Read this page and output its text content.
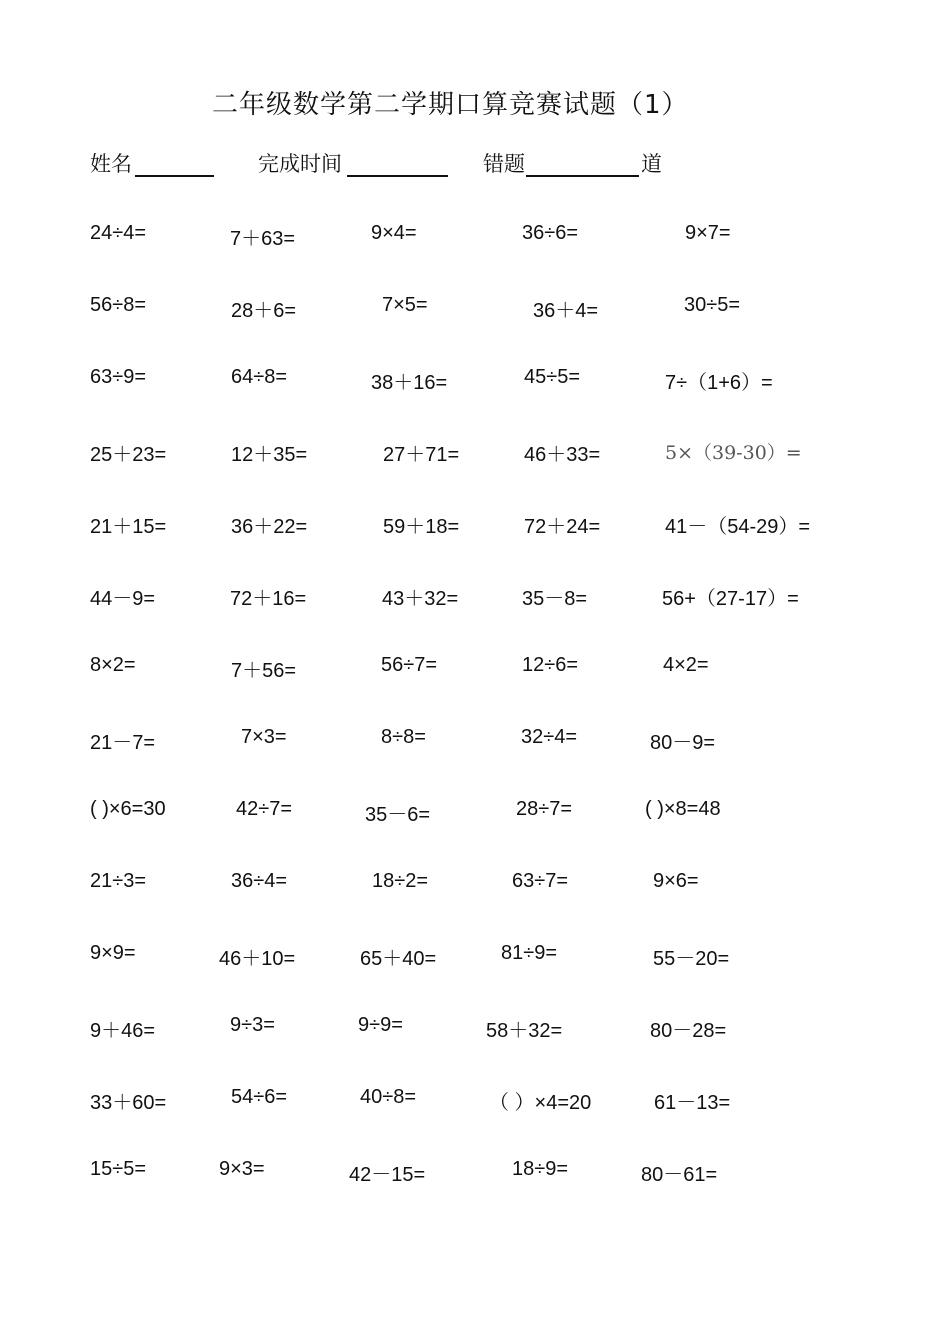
二年级数学第二学期口算竞赛试题（1）
姓名	完成时间	错题	道
24÷4=	7＋63=	9×4=	36÷6=	9×7=
56÷8=	28＋6=	7×5=	36＋4=	30÷5=
63÷9=	64÷8=	38＋16=	45÷5=	7÷（1+6）=
25＋23=	12＋35=	27＋71=	46＋33=	5×（39-30）=
21＋15=	36＋22=	59＋18=	72＋24=	41－（54-29）=
44－9=	72＋16=	43＋32=	35－8=	56+（27-17）=
8×2=	7＋56=	56÷7=	12÷6=	4×2=
21－7=	7×3=	8÷8=	32÷4=	80－9=
( )×6=30	42÷7=	35－6=	28÷7=	( )×8=48
21÷3=	36÷4=	18÷2=	63÷7=	9×6=
9×9=	46＋10=	65＋40=	81÷9=	55－20=
9＋46=	9÷3=	9÷9=	58＋32=	80－28=
33＋60=	54÷6=	40÷8=	（ ）×4=20	61－13=
15÷5=	9×3=	42－15=	18÷9=	80－61=
